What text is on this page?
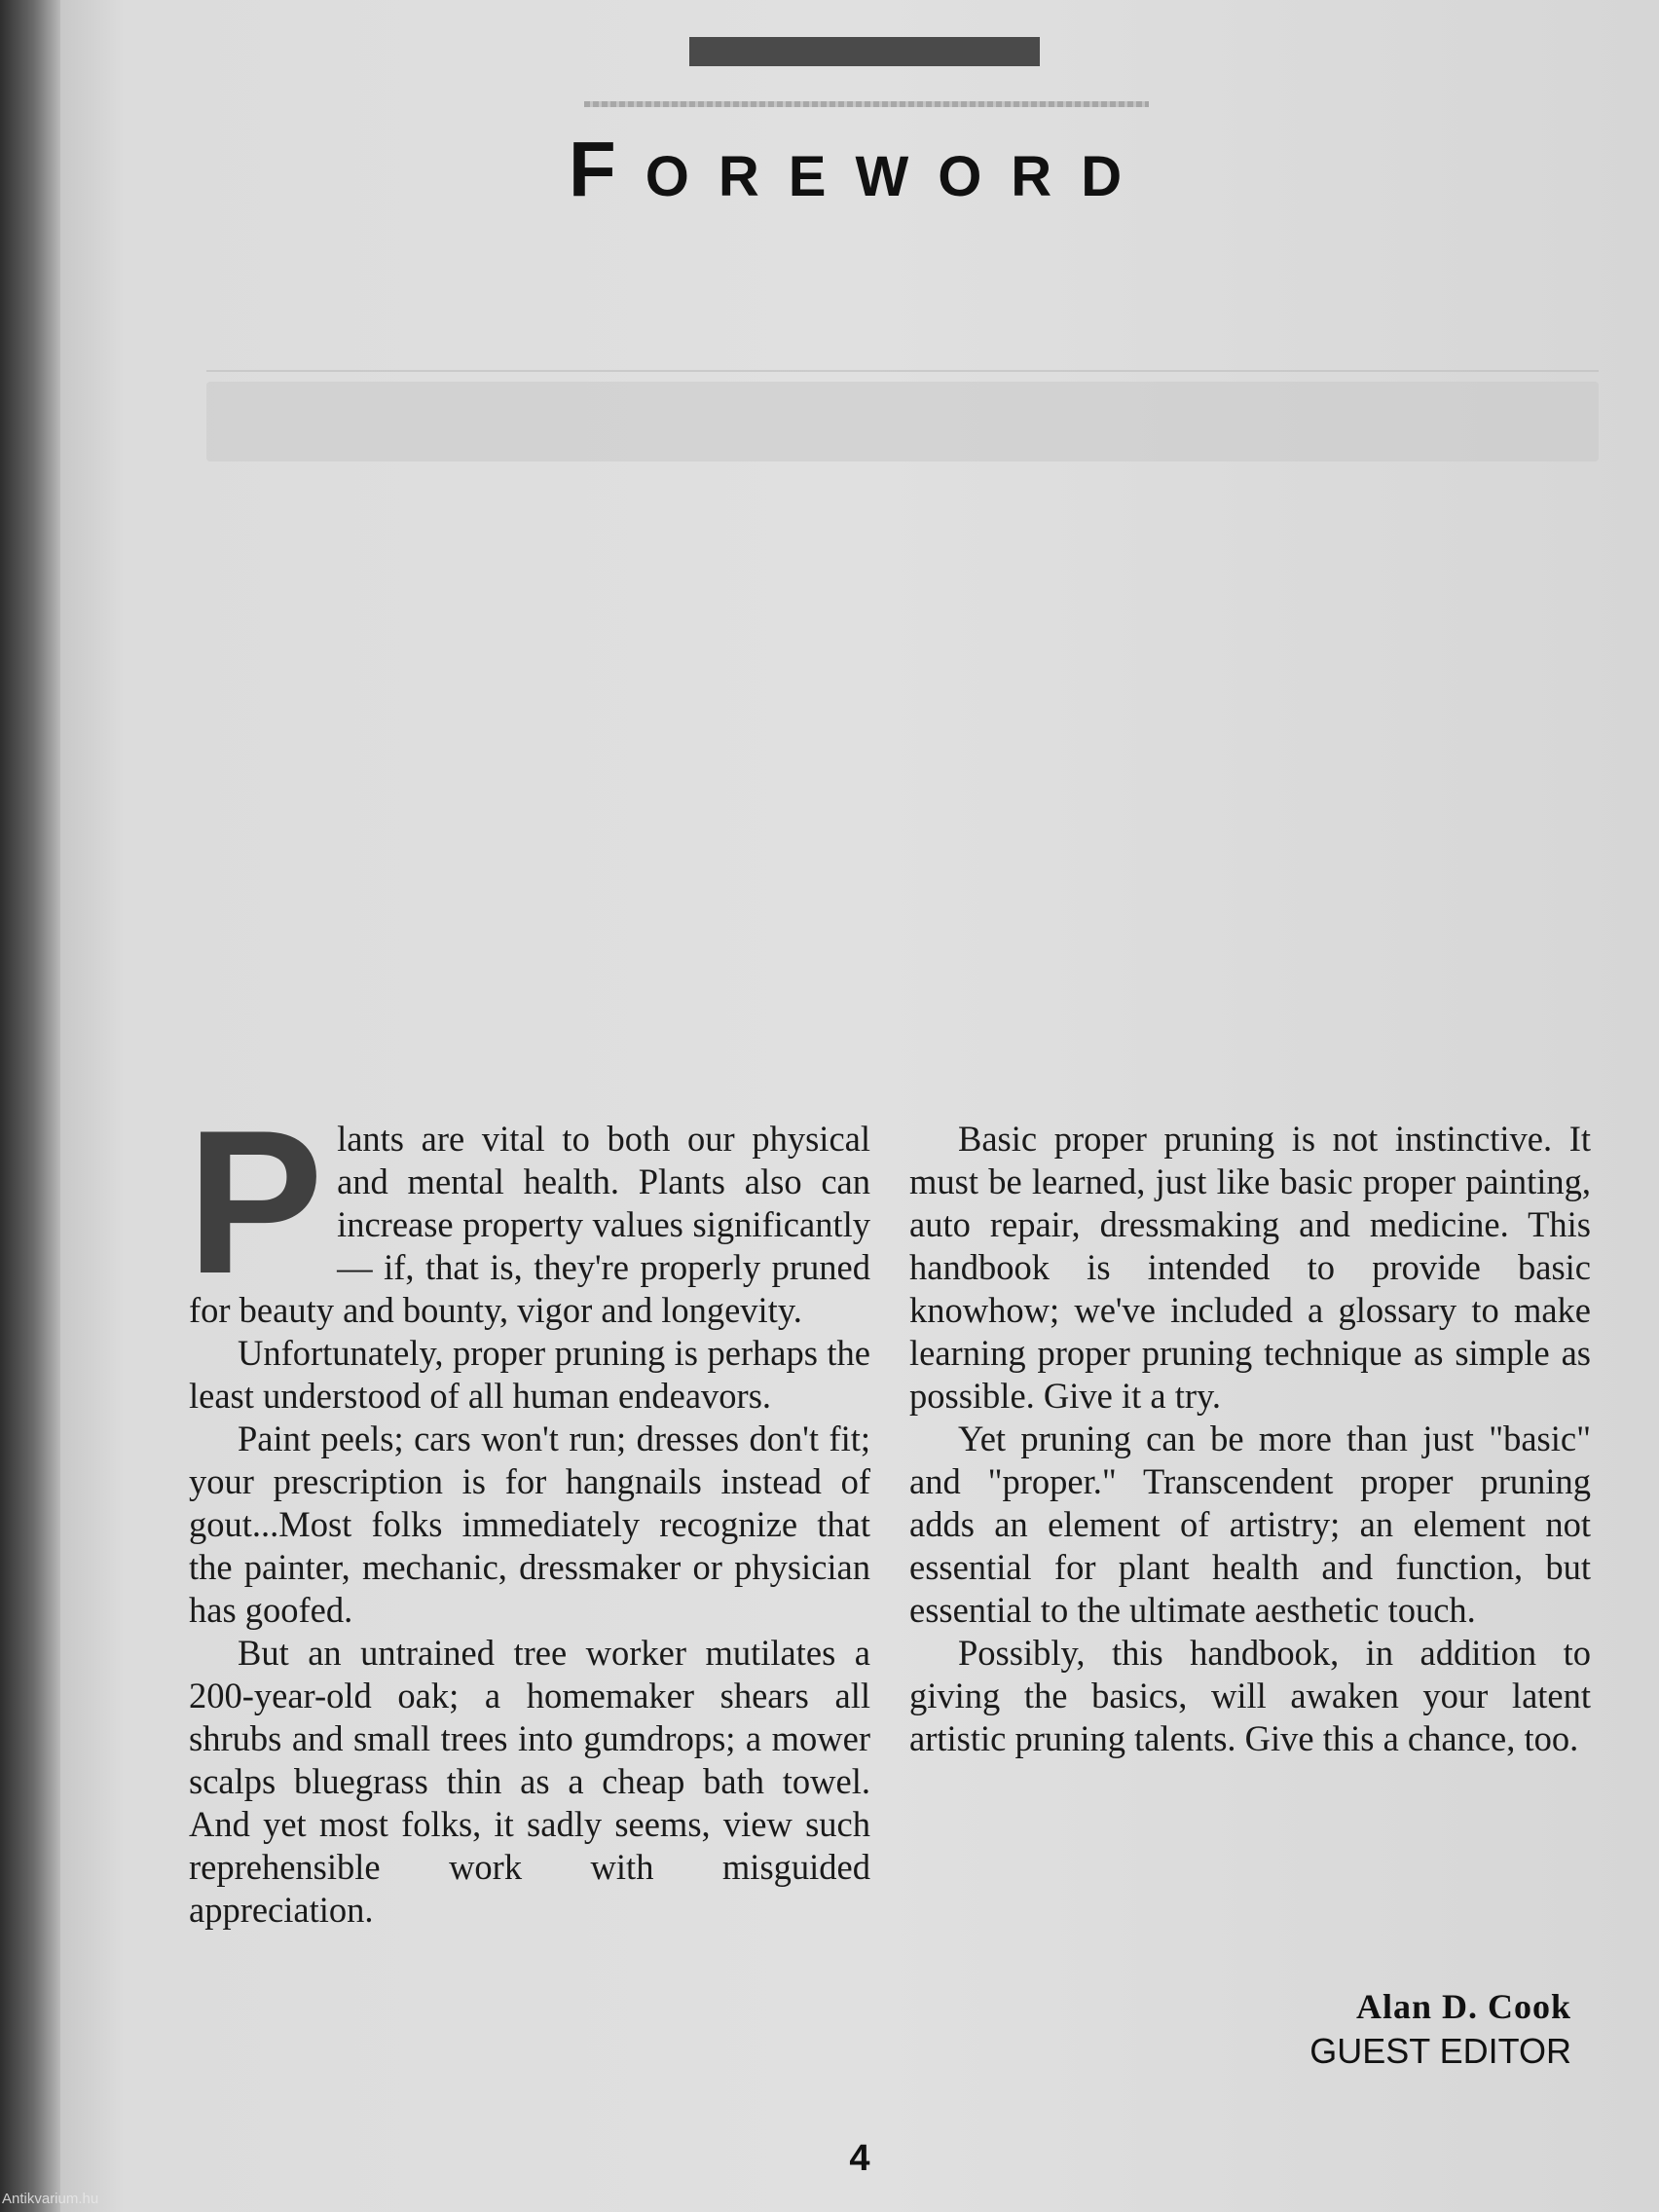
FOREWORD

Plants are vital to both our physical and mental health. Plants also can increase property values significantly — if, that is, they're properly pruned for beauty and bounty, vigor and longevity.

Unfortunately, proper pruning is perhaps the least understood of all human endeavors.

Paint peels; cars won't run; dresses don't fit; your prescription is for hangnails instead of gout...Most folks immediately recognize that the painter, mechanic, dressmaker or physician has goofed.

But an untrained tree worker mutilates a 200-year-old oak; a homemaker shears all shrubs and small trees into gumdrops; a mower scalps bluegrass thin as a cheap bath towel. And yet most folks, it sadly seems, view such reprehensible work with misguided appreciation.

Basic proper pruning is not instinctive. It must be learned, just like basic proper painting, auto repair, dressmaking and medicine. This handbook is intended to provide basic knowhow; we've included a glossary to make learning proper pruning technique as simple as possible. Give it a try.

Yet pruning can be more than just "basic" and "proper." Transcendent proper pruning adds an element of artistry; an element not essential for plant health and function, but essential to the ultimate aesthetic touch.

Possibly, this handbook, in addition to giving the basics, will awaken your latent artistic pruning talents. Give this a chance, too.

Alan D. Cook
GUEST EDITOR
4
Antikvarium.hu
